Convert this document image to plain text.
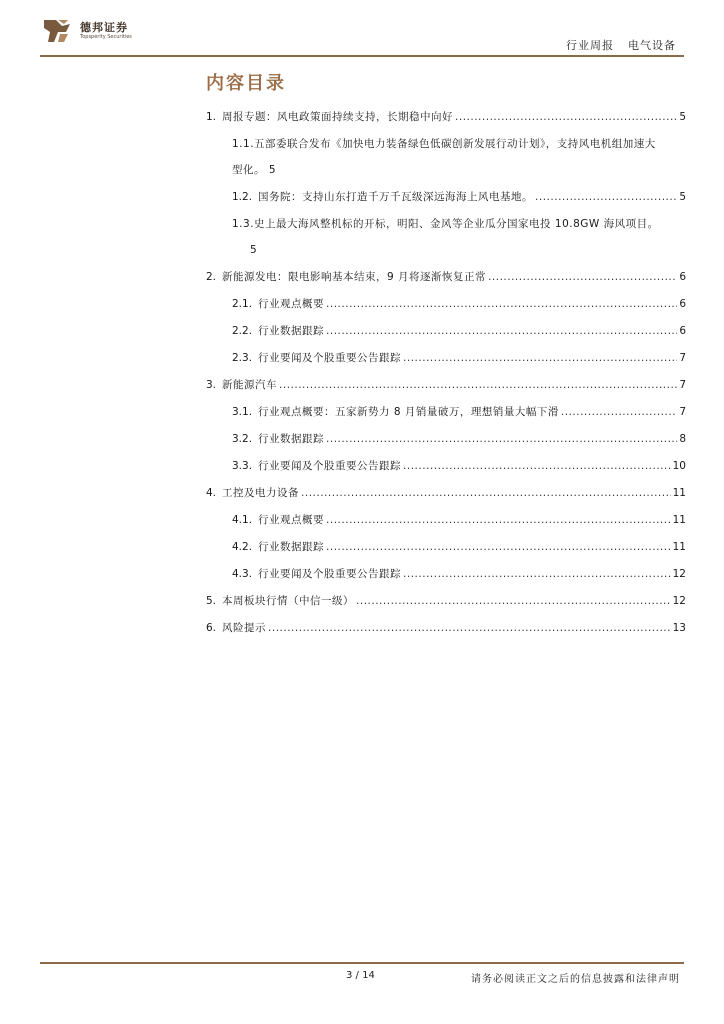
德邦证券
Topsperity Securities
行业周报 电气设备
内容目录
1. 周报专题：风电政策面持续支持，长期稳中向好 .....	5
1.1.五部委联合发布《加快电力装备绿色低碳创新发展行动计划》，支持风电机组加速大
型化。 5
1.2. 国务院：支持山东打造千万千瓦级深远海海上风电基地。 .....	5
1.3.史上最大海风整机标的开标，明阳、金风等企业瓜分国家电投 10.8GW 海风项目。
5
2. 新能源发电：限电影响基本结束，9 月将逐渐恢复正常 .....	6
2.1. 行业观点概要 .....	6
2.2. 行业数据跟踪 .....	6
2.3. 行业要闻及个股重要公告跟踪 .....	7
3. 新能源汽车 .....	7
3.1. 行业观点概要：五家新势力 8 月销量破万，理想销量大幅下滑 .....	7
3.2. 行业数据跟踪 .....	8
3.3. 行业要闻及个股重要公告跟踪 .....	10
4. 工控及电力设备 .....	11
4.1. 行业观点概要 .....	11
4.2. 行业数据跟踪 .....	11
4.3. 行业要闻及个股重要公告跟踪 .....	12
5. 本周板块行情（中信一级） .....	12
6. 风险提示 .....	13
3 / 14	请务必阅读正文之后的信息披露和法律声明
